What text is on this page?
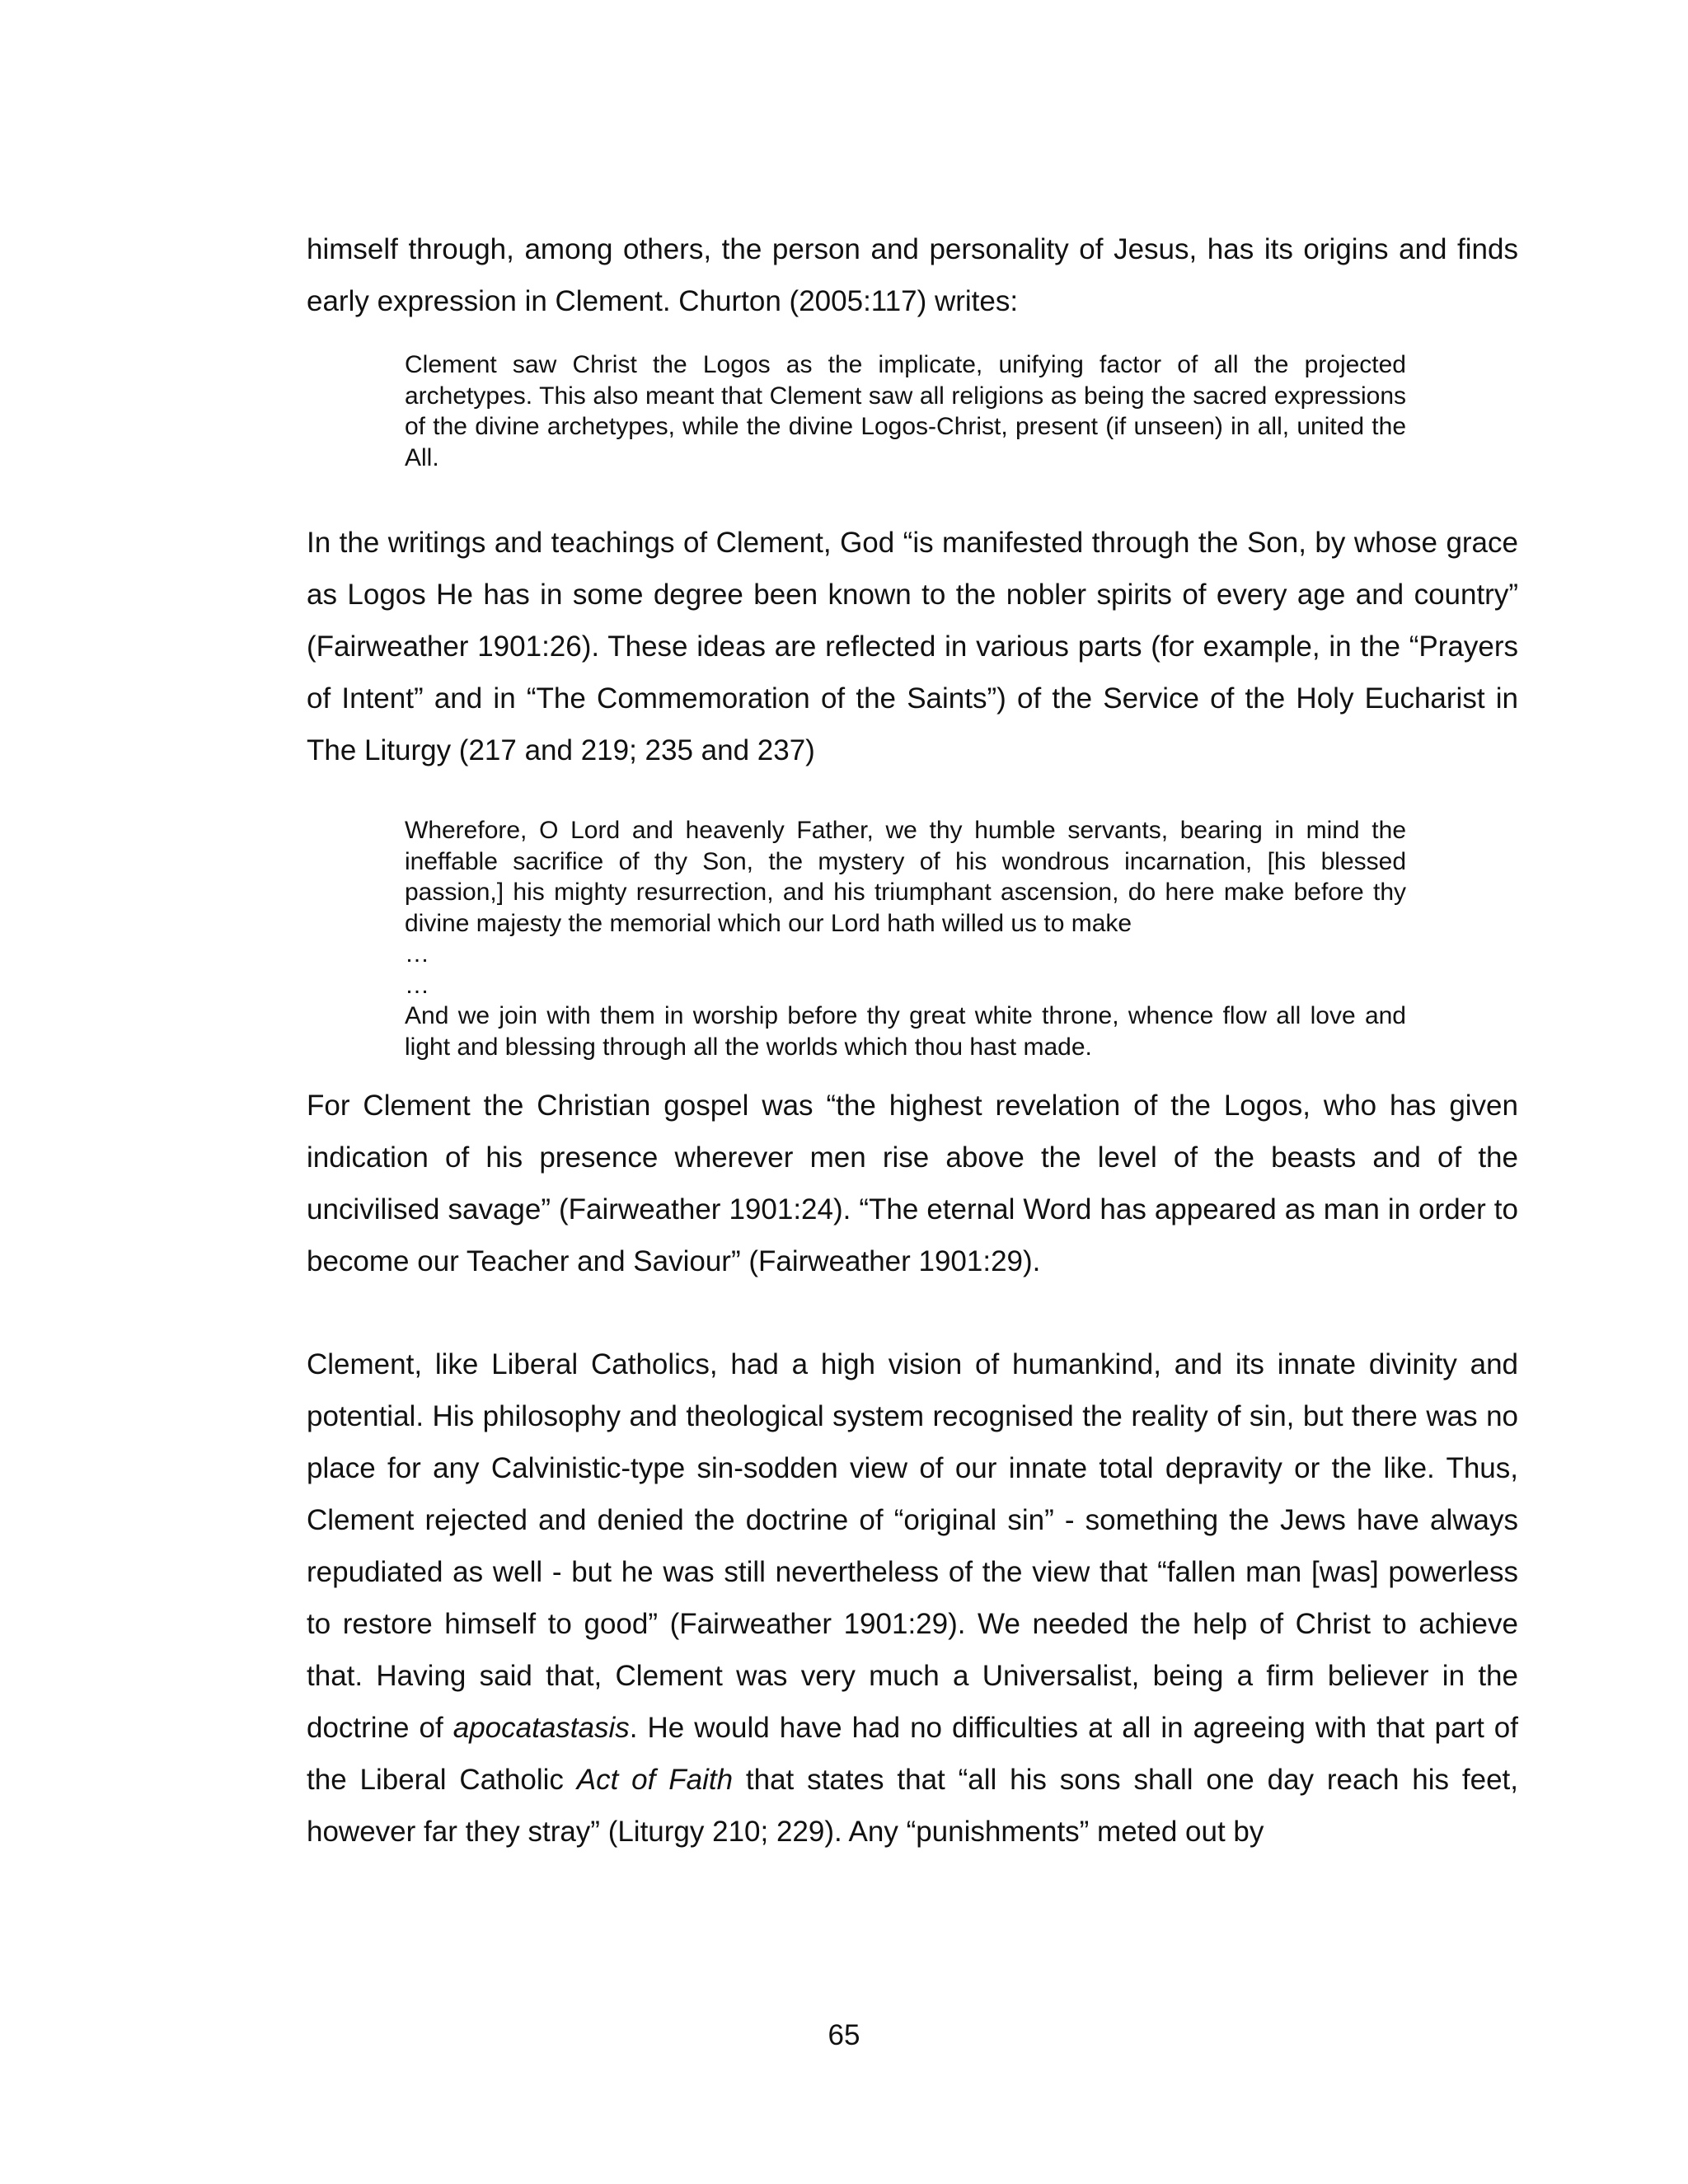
himself through, among others, the person and personality of Jesus, has its origins and finds early expression in Clement. Churton (2005:117) writes:

Clement saw Christ the Logos as the implicate, unifying factor of all the projected archetypes. This also meant that Clement saw all religions as being the sacred expressions of the divine archetypes, while the divine Logos-Christ, present (if unseen) in all, united the All.

In the writings and teachings of Clement, God “is manifested through the Son, by whose grace as Logos He has in some degree been known to the nobler spirits of every age and country” (Fairweather 1901:26). These ideas are reflected in various parts (for example, in the “Prayers of Intent” and in “The Commemoration of the Saints”) of the Service of the Holy Eucharist in The Liturgy (217 and 219; 235 and 237)

Wherefore, O Lord and heavenly Father, we thy humble servants, bearing in mind the ineffable sacrifice of thy Son, the mystery of his wondrous incarnation, [his blessed passion,] his mighty resurrection, and his triumphant ascension, do here make before thy divine majesty the memorial which our Lord hath willed us to make
…
…
And we join with them in worship before thy great white throne, whence flow all love and light and blessing through all the worlds which thou hast made.

For Clement the Christian gospel was “the highest revelation of the Logos, who has given indication of his presence wherever men rise above the level of the beasts and of the uncivilised savage” (Fairweather 1901:24). “The eternal Word has appeared as man in order to become our Teacher and Saviour” (Fairweather 1901:29).

Clement, like Liberal Catholics, had a high vision of humankind, and its innate divinity and potential. His philosophy and theological system recognised the reality of sin, but there was no place for any Calvinistic-type sin-sodden view of our innate total depravity or the like. Thus, Clement rejected and denied the doctrine of “original sin” - something the Jews have always repudiated as well - but he was still nevertheless of the view that “fallen man [was] powerless to restore himself to good” (Fairweather 1901:29). We needed the help of Christ to achieve that. Having said that, Clement was very much a Universalist, being a firm believer in the doctrine of apocatastasis. He would have had no difficulties at all in agreeing with that part of the Liberal Catholic Act of Faith that states that “all his sons shall one day reach his feet, however far they stray” (Liturgy 210; 229). Any “punishments” meted out by

65
